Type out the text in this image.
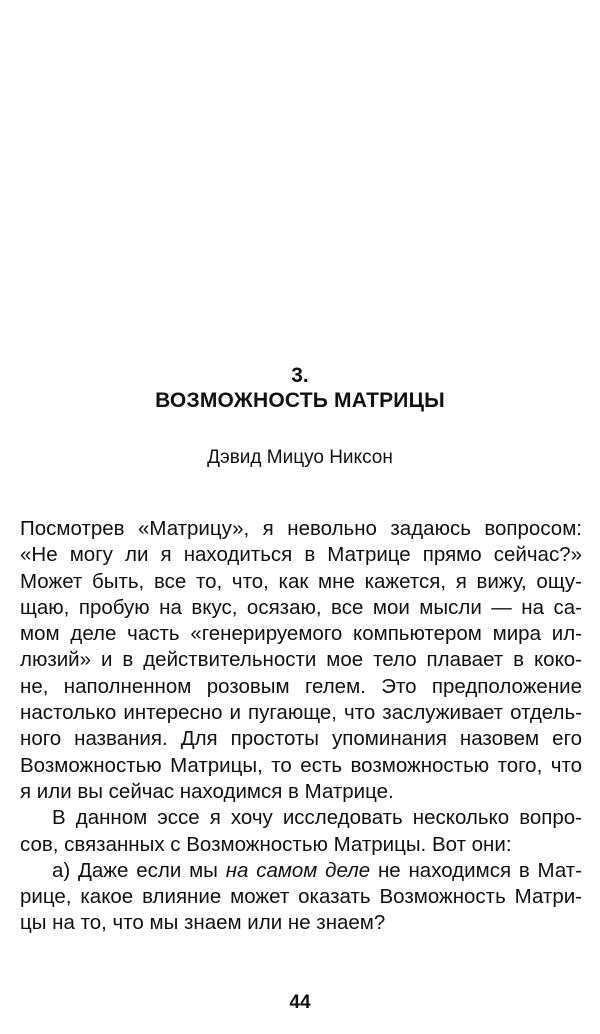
3.
ВОЗМОЖНОСТЬ МАТРИЦЫ
Дэвид Мицуо Никсон
Посмотрев «Матрицу», я невольно задаюсь вопросом:
«Не могу ли я находиться в Матрице прямо сейчас?»
Может быть, все то, что, как мне кажется, я вижу, ощу-
щаю, пробую на вкус, осязаю, все мои мысли — на са-
мом деле часть «генерируемого компьютером мира ил-
люзий» и в действительности мое тело плавает в коко-
не, наполненном розовым гелем. Это предположение
настолько интересно и пугающе, что заслуживает отдель-
ного названия. Для простоты упоминания назовем его
Возможностью Матрицы, то есть возможностью того, что
я или вы сейчас находимся в Матрице.
В данном эссе я хочу исследовать несколько вопро-
сов, связанных с Возможностью Матрицы. Вот они:
а) Даже если мы на самом деле не находимся в Мат-
рице, какое влияние может оказать Возможность Матри-
цы на то, что мы знаем или не знаем?
44
